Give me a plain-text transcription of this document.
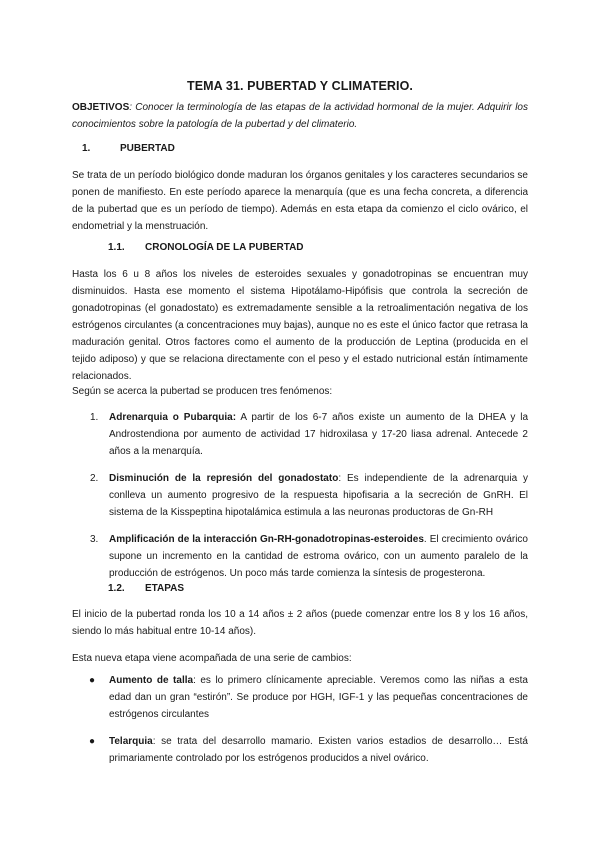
TEMA 31. PUBERTAD Y CLIMATERIO.
OBJETIVOS: Conocer la terminología de las etapas de la actividad hormonal de la mujer. Adquirir los conocimientos sobre la patología de la pubertad y del climaterio.
1.	PUBERTAD
Se trata de un período biológico donde maduran los órganos genitales y los caracteres secundarios se ponen de manifiesto. En este período aparece la menarquía (que es una fecha concreta, a diferencia de la pubertad que es un período de tiempo). Además en esta etapa da comienzo el ciclo ovárico, el endometrial y la menstruación.
1.1. CRONOLOGÍA DE LA PUBERTAD
Hasta los 6 u 8 años los niveles de esteroides sexuales y gonadotropinas se encuentran muy disminuidos. Hasta ese momento el sistema Hipotálamo-Hipófisis que controla la secreción de gonadotropinas (el gonadostato) es extremadamente sensible a la retroalimentación negativa de los estrógenos circulantes (a concentraciones muy bajas), aunque no es este el único factor que retrasa la maduración genital. Otros factores como el aumento de la producción de Leptina (producida en el tejido adiposo) y que se relaciona directamente con el peso y el estado nutricional están íntimamente relacionados.
Según se acerca la pubertad se producen tres fenómenos:
1. Adrenarquia o Pubarquia: A partir de los 6-7 años existe un aumento de la DHEA y la Androstendiona por aumento de actividad 17 hidroxilasa y 17-20 liasa adrenal. Antecede 2 años a la menarquía.
2. Disminución de la represión del gonadostato: Es independiente de la adrenarquia y conlleva un aumento progresivo de la respuesta hipofisaria a la secreción de GnRH. El sistema de la Kisspeptina hipotalámica estimula a las neuronas productoras de Gn-RH
3. Amplificación de la interacción Gn-RH-gonadotropinas-esteroides. El crecimiento ovárico supone un incremento en la cantidad de estroma ovárico, con un aumento paralelo de la producción de estrógenos. Un poco más tarde comienza la síntesis de progesterona.
1.2. ETAPAS
El inicio de la pubertad ronda los 10 a 14 años ± 2 años (puede comenzar entre los 8 y los 16 años, siendo lo más habitual entre 10-14 años).
Esta nueva etapa viene acompañada de una serie de cambios:
● Aumento de talla: es lo primero clínicamente apreciable. Veremos como las niñas a esta edad dan un gran “estirón”. Se produce por HGH, IGF-1 y las pequeñas concentraciones de estrógenos circulantes
● Telarquia: se trata del desarrollo mamario. Existen varios estadios de desarrollo… Está primariamente controlado por los estrógenos producidos a nivel ovárico.
